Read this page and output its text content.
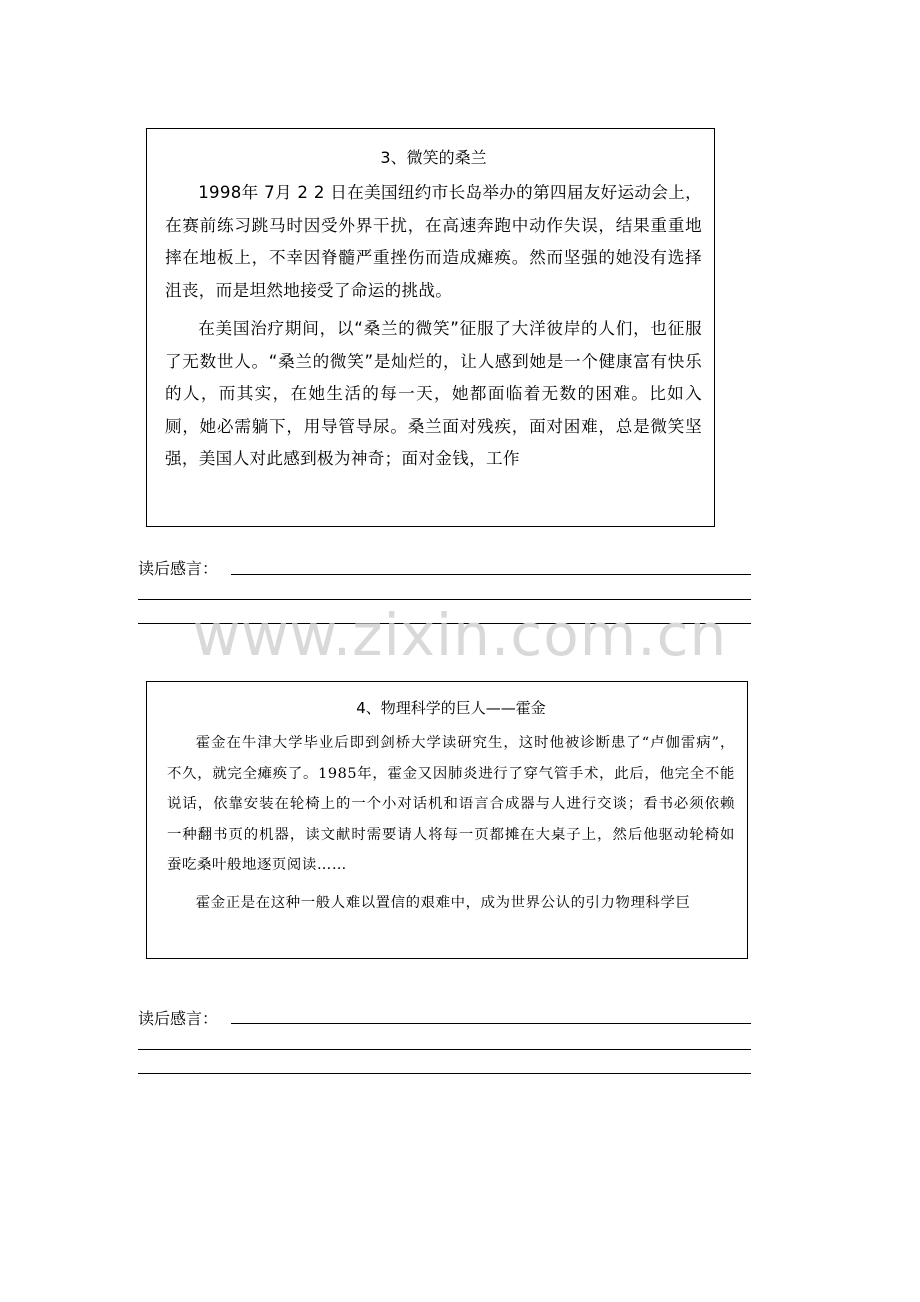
3、微笑的桑兰

1998年 7月 2 2 日在美国纽约市长岛举办的第四届友好运动会上，在赛前练习跳马时因受外界干扰，在高速奔跑中动作失误，结果重重地摔在地板上，不幸因脊髓严重挫伤而造成瘫痪。然而坚强的她没有选择沮丧，而是坦然地接受了命运的挑战。

在美国治疗期间，以“桑兰的微笑”征服了大洋彼岸的人们，也征服了无数世人。“桑兰的微笑”是灿烂的，让人感到她是一个健康富有快乐的人，而其实，在她生活的每一天，她都面临着无数的困难。比如入厕，她必需躺下，用导管导尿。桑兰面对残疾，面对困难，总是微笑坚强，美国人对此感到极为神奇；面对金钱，工作

读后感言：
www.zixin.com.cn

4、物理科学的巨人——霍金

霍金在牛津大学毕业后即到剑桥大学读研究生，这时他被诊断患了“卢伽雷病”，不久，就完全瘫痪了。1985年，霍金又因肺炎进行了穿气管手术，此后，他完全不能说话，依靠安装在轮椅上的一个小对话机和语言合成器与人进行交谈；看书必须依赖一种翻书页的机器，读文献时需要请人将每一页都摊在大桌子上，然后他驱动轮椅如蚕吃桑叶般地逐页阅读……

霍金正是在这种一般人难以置信的艰难中，成为世界公认的引力物理科学巨

读后感言：
